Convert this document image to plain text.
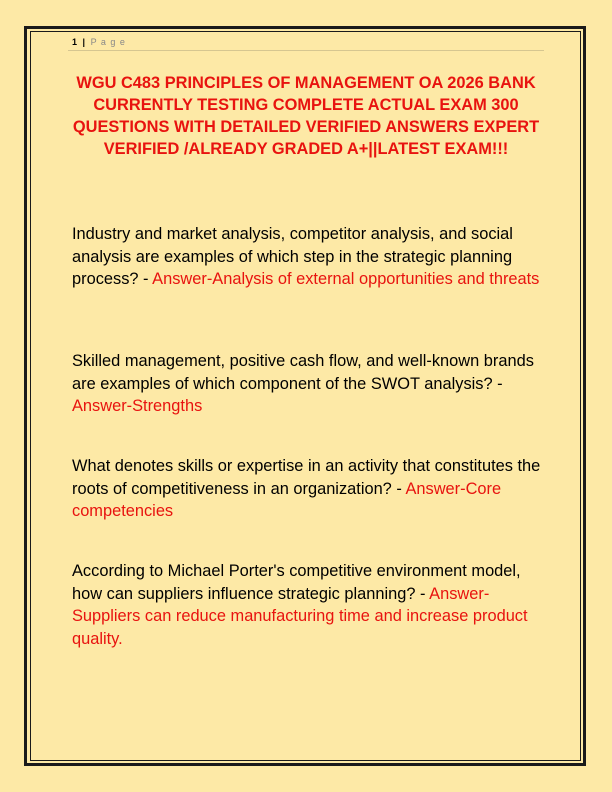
1 | P a g e
WGU C483 PRINCIPLES OF MANAGEMENT OA 2026 BANK CURRENTLY TESTING COMPLETE ACTUAL EXAM 300 QUESTIONS WITH DETAILED VERIFIED ANSWERS EXPERT VERIFIED /ALREADY GRADED A+||LATEST EXAM!!!
Industry and market analysis, competitor analysis, and social analysis are examples of which step in the strategic planning process? - Answer-Analysis of external opportunities and threats
Skilled management, positive cash flow, and well-known brands are examples of which component of the SWOT analysis? - Answer-Strengths
What denotes skills or expertise in an activity that constitutes the roots of competitiveness in an organization? - Answer-Core competencies
According to Michael Porter's competitive environment model, how can suppliers influence strategic planning? - Answer-Suppliers can reduce manufacturing time and increase product quality.
